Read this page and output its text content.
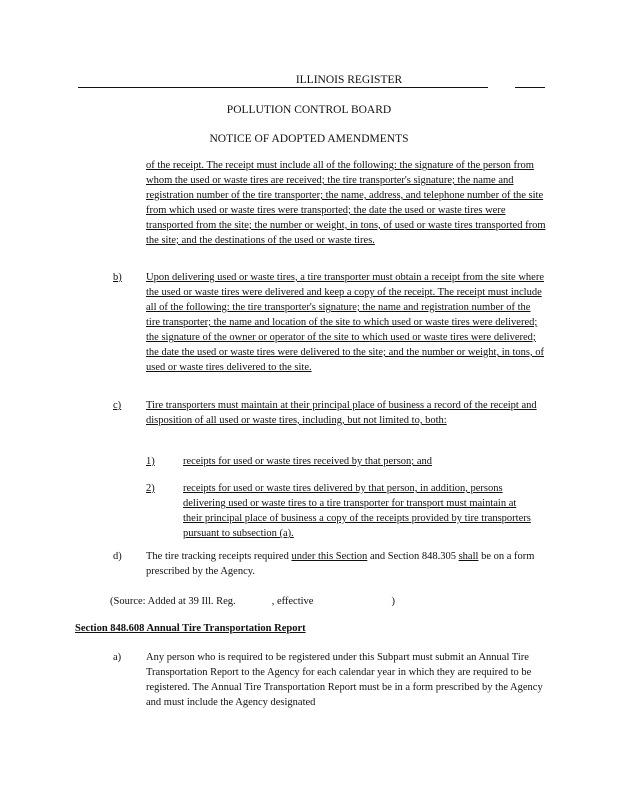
ILLINOIS REGISTER
POLLUTION CONTROL BOARD
NOTICE OF ADOPTED AMENDMENTS
of the receipt. The receipt must include all of the following: the signature of the person from whom the used or waste tires are received; the tire transporter's signature; the name and registration number of the tire transporter; the name, address, and telephone number of the site from which used or waste tires were transported; the date the used or waste tires were transported from the site; the number or weight, in tons, of used or waste tires transported from the site; and the destinations of the used or waste tires.
b) Upon delivering used or waste tires, a tire transporter must obtain a receipt from the site where the used or waste tires were delivered and keep a copy of the receipt. The receipt must include all of the following: the tire transporter's signature; the name and registration number of the tire transporter; the name and location of the site to which used or waste tires were delivered; the signature of the owner or operator of the site to which used or waste tires were delivered; the date the used or waste tires were delivered to the site; and the number or weight, in tons, of used or waste tires delivered to the site.
c) Tire transporters must maintain at their principal place of business a record of the receipt and disposition of all used or waste tires, including, but not limited to, both:
1)	receipts for used or waste tires received by that person; and
2)	receipts for used or waste tires delivered by that person, in addition, persons delivering used or waste tires to a tire transporter for transport must maintain at their principal place of business a copy of the receipts provided by tire transporters pursuant to subsection (a).
d) The tire tracking receipts required under this Section and Section 848.305 shall be on a form prescribed by the Agency.
(Source: Added at 39 Ill. Reg.	, effective	)
Section 848.608 Annual Tire Transportation Report
a) Any person who is required to be registered under this Subpart must submit an Annual Tire Transportation Report to the Agency for each calendar year in which they are required to be registered. The Annual Tire Transportation Report must be in a form prescribed by the Agency and must include the Agency designated
